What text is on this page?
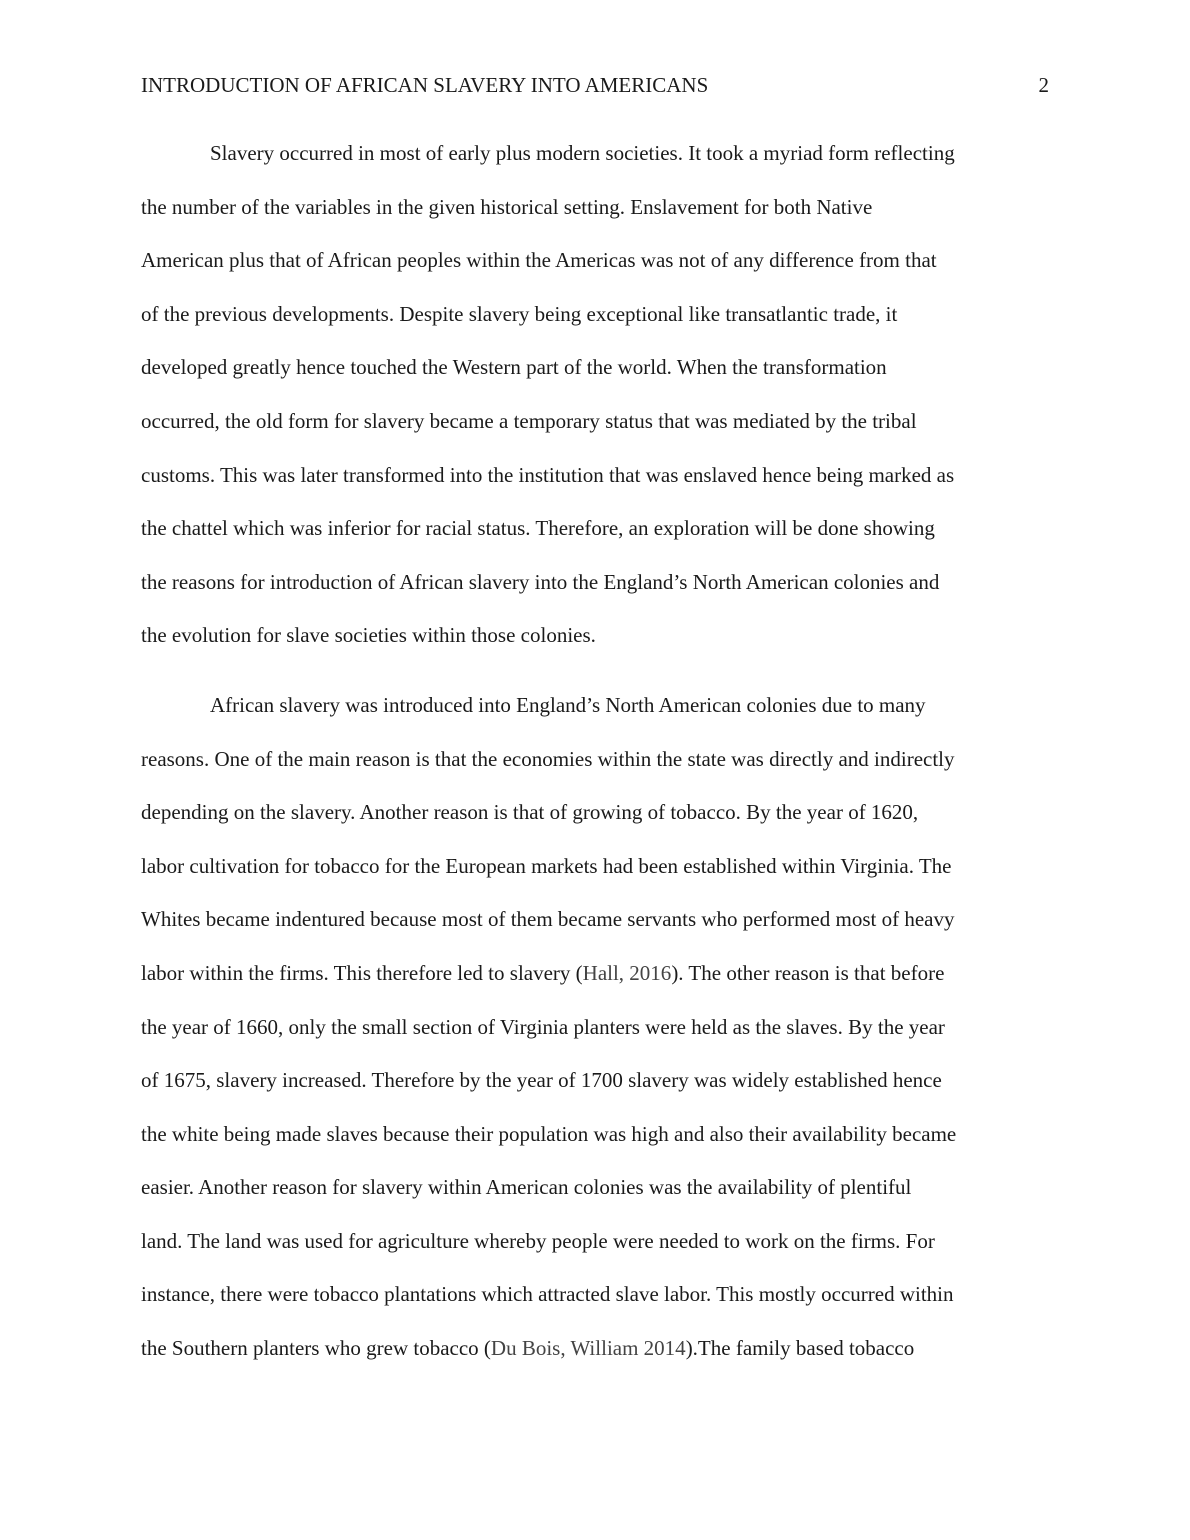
INTRODUCTION OF AFRICAN SLAVERY INTO AMERICANS	2
Slavery occurred in most of early plus modern societies. It took a myriad form reflecting
the number of the variables in the given historical setting. Enslavement for both Native
American plus that of African peoples within the Americas was not of any difference from that
of the previous developments. Despite slavery being exceptional like transatlantic trade, it
developed greatly hence touched the Western part of the world. When the transformation
occurred, the old form for slavery became a temporary status that was mediated by the tribal
customs. This was later transformed into the institution that was enslaved hence being marked as
the chattel which was inferior for racial status. Therefore, an exploration will be done showing
the reasons for introduction of African slavery into the England’s North American colonies and
the evolution for slave societies within those colonies.
African slavery was introduced into England’s North American colonies due to many
reasons. One of the main reason is that the economies within the state was directly and indirectly
depending on the slavery. Another reason is that of growing of tobacco. By the year of 1620,
labor cultivation for tobacco for the European markets had been established within Virginia. The
Whites became indentured because most of them became servants who performed most of heavy
labor within the firms. This therefore led to slavery (Hall, 2016). The other reason is that before
the year of 1660, only the small section of Virginia planters were held as the slaves. By the year
of 1675, slavery increased. Therefore by the year of 1700 slavery was widely established hence
the white being made slaves because their population was high and also their availability became
easier. Another reason for slavery within American colonies was the availability of plentiful
land. The land was used for agriculture whereby people were needed to work on the firms. For
instance, there were tobacco plantations which attracted slave labor. This mostly occurred within
the Southern planters who grew tobacco (Du Bois, William 2014).The family based tobacco
